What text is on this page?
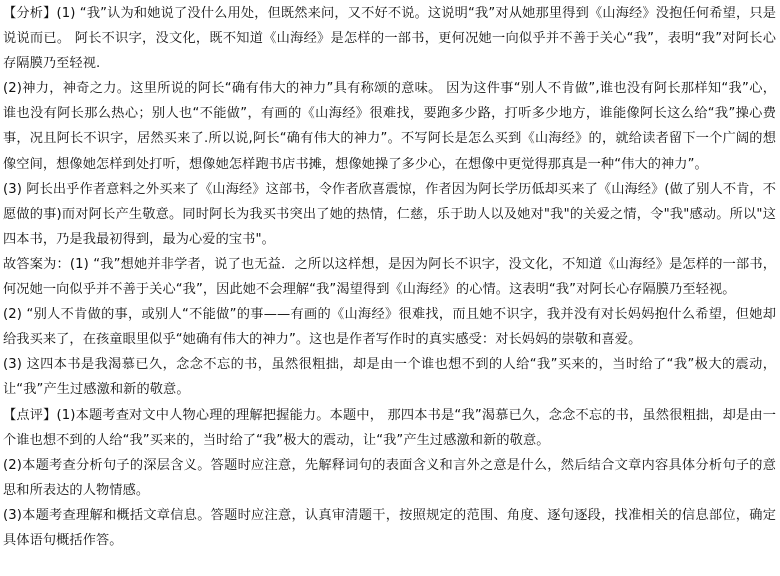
【分析】(1) “我”认为和她说了没什么用处，但既然来问，又不好不说。这说明“我”对从她那里得到《山海经》没抱任何希望，只是说说而已。 阿长不识字，没文化，既不知道《山海经》是怎样的一部书，更何况她一向似乎并不善于关心“我”，表明“我”对阿长心存隔膜乃至轻视.

(2)神力，神奇之力。这里所说的阿长“确有伟大的神力”具有称颂的意味。 因为这件事“别人不肯做”,谁也没有阿长那样知“我”心，谁也没有阿长那么热心；别人也“不能做”，有画的《山海经》很难找，要跑多少路，打听多少地方，谁能像阿长这么给“我”操心费事，况且阿长不识字，居然买来了.所以说,阿长“确有伟大的神力”。不写阿长是怎么买到《山海经》的，就给读者留下一个广阔的想像空间，想像她怎样到处打听，想像她怎样跑书店书摊，想像她操了多少心，在想像中更觉得那真是一种“伟大的神力”。

(3) 阿长出乎作者意料之外买来了《山海经》这部书，令作者欣喜震惊，作者因为阿长学历低却买来了《山海经》(做了别人不肯，不愿做的事)而对阿长产生敬意。同时阿长为我买书突出了她的热情，仁慈，乐于助人以及她对"我"的关爱之情，令"我"感动。所以"这四本书，乃是我最初得到，最为心爱的宝书"。

故答案为：(1) “我”想她并非学者，说了也无益．之所以这样想，是因为阿长不识字，没文化，不知道《山海经》是怎样的一部书，何况她一向似乎并不善于关心“我”，因此她不会理解“我”渴望得到《山海经》的心情。这表明“我”对阿长心存隔膜乃至轻视。

(2) “别人不肯做的事，或别人“不能做”的事——有画的《山海经》很难找，而且她不识字，我并没有对长妈妈抱什么希望，但她却给我买来了，在孩童眼里似乎“她确有伟大的神力”。这也是作者写作时的真实感受：对长妈妈的崇敬和喜爱。

(3) 这四本书是我渴慕已久，念念不忘的书，虽然很粗拙，却是由一个谁也想不到的人给“我”买来的，当时给了“我”极大的震动，让“我”产生过感激和新的敬意。

【点评】(1)本题考查对文中人物心理的理解把握能力。本题中， 那四本书是“我”渴慕已久，念念不忘的书，虽然很粗拙，却是由一个谁也想不到的人给“我”买来的，当时给了“我”极大的震动，让“我”产生过感激和新的敬意。

(2)本题考查分析句子的深层含义。答题时应注意，先解释词句的表面含义和言外之意是什么，然后结合文章内容具体分析句子的意思和所表达的人物情感。

(3)本题考查理解和概括文章信息。答题时应注意，认真审清题干，按照规定的范围、角度、逐句逐段，找准相关的信息部位，确定具体语句概括作答。
